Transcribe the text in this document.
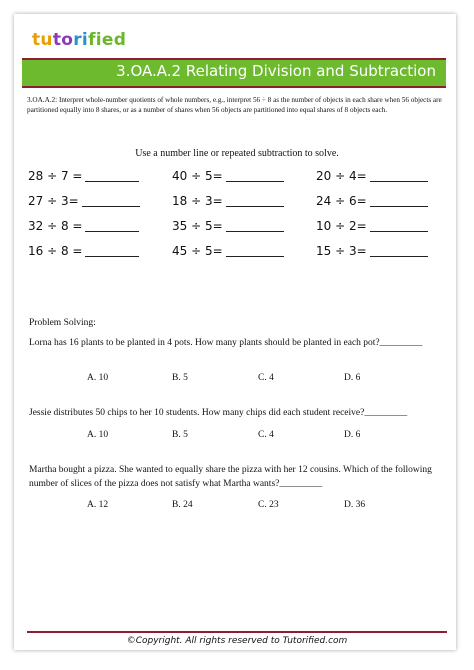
tutorified
3.OA.A.2 Relating Division and Subtraction
3.OA.A.2: Interpret whole-number quotients of whole numbers, e.g., interpret 56 ÷ 8 as the number of objects in each share when 56 objects are partitioned equally into 8 shares, or as a number of shares when 56 objects are partitioned into equal shares of 8 objects each.
Use a number line or repeated subtraction to solve.
28 ÷ 7 =	40 ÷ 5=	20 ÷ 4=
27 ÷ 3=	18 ÷ 3=	24 ÷ 6=
32 ÷ 8 =	35 ÷ 5=	10 ÷ 2=
16 ÷ 8 =	45 ÷ 5=	15 ÷ 3=
Problem Solving:
Lorna has 16 plants to be planted in 4 pots. How many plants should be planted in each pot?_________
A. 10	B. 5	C. 4	D. 6
Jessie distributes 50 chips to her 10 students. How many chips did each student receive?_________
A. 10	B. 5	C. 4	D. 6
Martha bought a pizza. She wanted to equally share the pizza with her 12 cousins. Which of the following number of slices of the pizza does not satisfy what Martha wants?_________
A. 12	B. 24	C. 23	D. 36
©Copyright. All rights reserved to Tutorified.com
